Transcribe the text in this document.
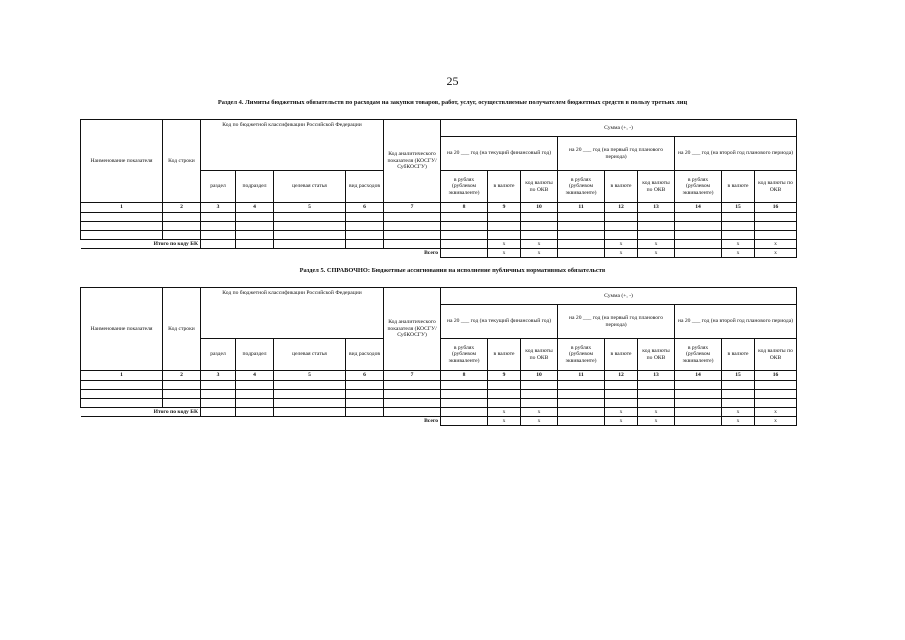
25
Раздел 4. Лимиты бюджетных обязательств по расходам на закупки товаров, работ, услуг, осуществляемые получателем бюджетных средств в пользу третьих лиц
Наименование показателя	Код строки	Код по бюджетной классификации Российской Федерации				Код аналитического показателя (КОСГУ/ СубКОСГУ)	Сумма (+, -)								
							на 20 ___ год (на текущий финансовый год)			на 20 ___ год (на первый год планового периода)			на 20 ___ год (на второй год планового периода)		
		раздел	подраздел	целевая статья	вид расходов		в рублях (рублевом эквиваленте)	в валюте	код валюты по ОКВ	в рублях (рублевом эквиваленте)	в валюте	код валюты по ОКВ	в рублях (рублевом эквиваленте)	в валюте	код валюты по ОКВ
1	2	3	4	5	6	7	8	9	10	11	12	13	14	15	16

Итого по коду БК								x	x		x	x		x	x
Всего								x	x		x	x		x	x
Раздел 5. СПРАВОЧНО: Бюджетные ассигнования на исполнение публичных нормативных обязательств
Наименование показателя	Код строки	Код по бюджетной классификации Российской Федерации				Код аналитического показателя (КОСГУ/ СубКОСГУ)	Сумма (+, -)								
							на 20 ___ год (на текущий финансовый год)			на 20 ___ год (на первый год планового периода)			на 20 ___ год (на второй год планового периода)		
		раздел	подраздел	целевая статья	вид расходов		в рублях (рублевом эквиваленте)	в валюте	код валюты по ОКВ	в рублях (рублевом эквиваленте)	в валюте	код валюты по ОКВ	в рублях (рублевом эквиваленте)	в валюте	код валюты по ОКВ
1	2	3	4	5	6	7	8	9	10	11	12	13	14	15	16

Итого по коду БК								x	x		x	x		x	x
Всего								x	x		x	x		x	x
